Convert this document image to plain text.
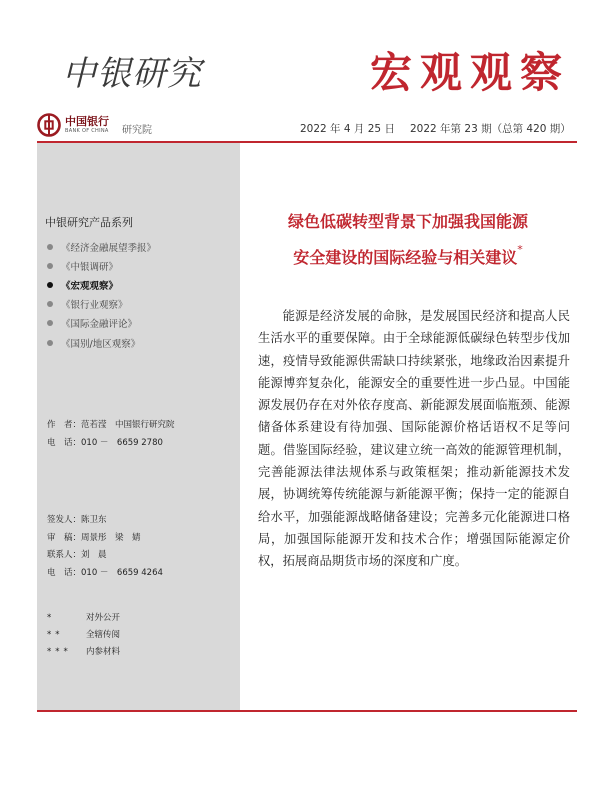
中银研究	宏观观察
中国银行
BANK OF CHINA 研究院	2022 年 4 月 25 日 2022 年第 23 期（总第 420 期）
中银研究产品系列
《经济金融展望季报》
《中银调研》
《宏观观察》
《银行业观察》
《国际金融评论》
《国别/地区观察》
作　者： 范若滢　中国银行研究院
电　话： 010 －　6659 2780
签发人： 陈卫东
审　稿： 周景彤　梁　婧
联系人： 刘　晨
电　话： 010 －　6659 4264
*	对外公开
**	全辖传阅
***	内参材料
绿色低碳转型背景下加强我国能源
安全建设的国际经验与相关建议*

能源是经济发展的命脉，是发展国民经济和提高人民生活水平的重要保障。由于全球能源低碳绿色转型步伐加速，疫情导致能源供需缺口持续紧张，地缘政治因素提升能源博弈复杂化，能源安全的重要性进一步凸显。中国能源发展仍存在对外依存度高、新能源发展面临瓶颈、能源储备体系建设有待加强、国际能源价格话语权不足等问题。借鉴国际经验，建议建立统一高效的能源管理机制，完善能源法律法规体系与政策框架；推动新能源技术发展，协调统筹传统能源与新能源平衡；保持一定的能源自给水平，加强能源战略储备建设；完善多元化能源进口格局，加强国际能源开发和技术合作；增强国际能源定价权，拓展商品期货市场的深度和广度。
